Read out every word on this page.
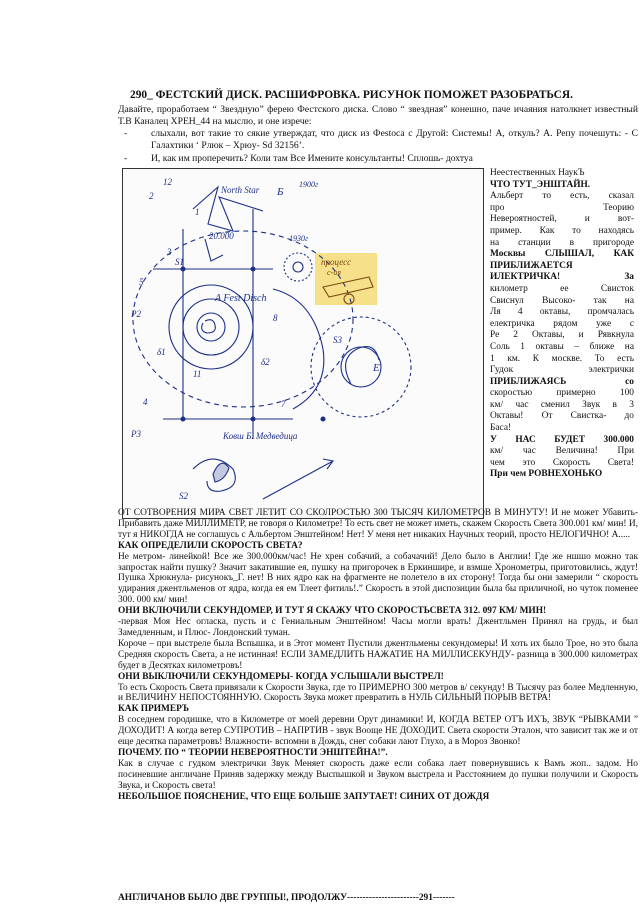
290_ ФЕСТСКИЙ ДИСК. РАСШИФРОВКА. РИСУНОК ПОМОЖЕТ РАЗОБРАТЬСЯ.

Давайте, проработаем “ Звездную” ферею Фестского диска. Слово “ звездная” конешно, паче ичаяния натолкнет известный Т.В Каналец ХРЕН_44 на мыслю, и оне изрече:

- слыхали, вот такие то сякие утверждат, что диск из Феstoса с Другой: Системы! А, откуль? А. Репу почешуть: - С Галахтики ‘ Рлюк – Хрюу- Sd 32156’.
- И, как им проперечить? Коли там Все Имените консультанты! Сплошь- дохтуа
North Star Б
20.000
1900г
1930г
процесс
с-ия
A Fest Disch
E
Ковш Б. Медведица
12
1
2
3
5
8
11
4	7
S1
S2
S3
δ1
δ2
P2
P3
Неестественных НаукЪ
ЧТО ТУТ_ЭНШТАЙН.
Альберт то есть, сказал
про Теорию
Невероятностей, и вот-
пример. Как то находясь
на станции в пригороде
Москвы СЛЫШАЛ, КАК
ПРИБЛИЖАЕТСЯ
ИЛЕКТРИЧКА! За
километр ее Свисток
Свиснул Высоко- так на
Ля 4 октавы, промчалась
електричка рядом уже с
Ре 2 Октавы, и Рявкнула
Соль 1 октавы – ближе на
1 км. К москве. То есть
Гудок электрички
ПРИБЛИЖАЯСЬ со
скоростью примерно 100
км/ час сменил Звук в 3
Октавы! От Свистка- до
Баса!
У НАС БУДЕТ 300.000
км/ час Величина! При
чем это Скорость Света!
При чем РОВНЕХОНЬКО

ОТ СОТВОРЕНИЯ МИРА СВЕТ ЛЕТИТ СО СКОЛРОСТЬЮ 300 ТЫСЯЧ КИЛОМЕТРОВ В МИНУТУ! И не может Убавить- Прибавить даже МИЛЛИМЕТР, не говоря о Километре! То есть свет не может иметь, скажем Скорость Света 300.001 км/ мин! И, тут я НИКОГДА не соглашусь с Альбертом Энштейном! Нет! У меня нет никаких Научных теорий, просто НЕЛОГИЧНО! А.....

КАК ОПРЕДЕЛИЛИ СКОРОСТЬ СВЕТА?

Не метром- линейкой! Все же 300.000км/час! Не хрен собачий, а собачачий! Дело было в Англии! Где же ншшо можно так запростак найти пушку? Значит закатившие ея, пушку на пригорочек в Еркиншире, и взмше Хронометры, приготовились, ждут! Пушка Хрюкнула- рисунокъ_Г. нет! В них ядро как на фрагменте не полетело в их сторону! Тогда бы они замерили “ скорость удирания джентльменов от ядра, когда ея ем Тлеет фитиль!.” Скорость в этой диспозиции была бы приличной, но чуток поменее 300. 000 км/ мин!

ОНИ ВКЛЮЧИЛИ СЕКУНДОМЕР, И ТУТ Я СКАЖУ ЧТО СКОРОСТЬСВЕТА 312. 097 КМ/ МИН!

-первая Моя Нес огласка, пусть и с Гениальным Энштейном! Часы могли врать! Джентльмен Принял на грудь, и был Замедленным, и Плюс- Лондонский туман.

Короче – при выстреле была Вспышка, и в Этот момент Пустили джентльмены секундомеры! И хоть их было Трое, но это была Средняя скорость Света, а не истинная! ЕСЛИ ЗАМЕДЛИТЬ НАЖАТИЕ НА МИЛЛИСЕКУНДУ- разница в 300.000 километрах будет в Десятках километровъ!

ОНИ ВЫКЛЮЧИЛИ СЕКУНДОМЕРЫ- КОГДА УСЛЫШАЛИ ВЫСТРЕЛ!

То есть Скорость Света привязали к Скорости Звука, где то ПРИМЕРНО 300 метров в/ секунду! В Тысячу раз более Медленную, и ВЕЛИЧИНУ НЕПОСТОЯННУЮ. Скорость Звука может превратить в НУЛЬ СИЛЬНЫЙ ПОРЫВ ВЕТРА!

КАК ПРИМЕРЪ

В соседнем городишке, что в Километре от моей деревни Орут динамики! И, КОГДА ВЕТЕР ОТЪ ИХЪ, ЗВУК “РЫВКАМИ ” ДОХОДИТ! А когда ветер СУПРОТИВ – НАПРТИВ - звук Вооще НЕ ДОХОДИТ. Света скорости Эталон, что зависит так же и от еще десятка параметровъ! Влажности- вспомни в Дождь, снег собаки лают Глухо, а в Мороз Звонко!

ПОЧЕМУ. ПО “ ТЕОРИИ НЕВЕРОЯТНОСТИ ЭНШТЕЙНА!”.

Как в случае с гудком электрички Звук Меняет скорость даже если собака лает повернувшись к Вамъ жоп.. задом. Но посиневшие англичане Приняв задержку между Выспышкой и Звуком выстрела и Расстоянием до пушки получили и Скорость Звука, и Скорость света!

НЕБОЛЬШОЕ ПОЯСНЕНИЕ, ЧТО ЕЩЕ БОЛЬШЕ ЗАПУТАЕТ! СИНИХ ОТ ДОЖДЯ

АНГЛИЧАНОВ БЫЛО ДВЕ ГРУППЫ!, ПРОДОЛЖУ-----------------------291-------
